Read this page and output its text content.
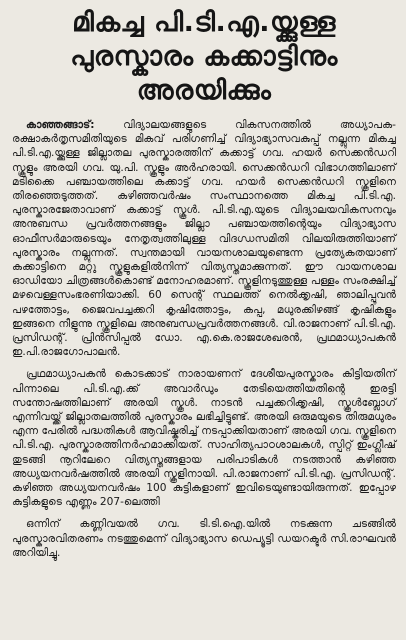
മികച്ച പി.ടി.എ.യ്ക്കുള്ള
പുരസ്കാരം കക്കാട്ടിനും
അരയിക്കും

കാഞ്ഞങ്ങാട്:	വിദ്യാലയങ്ങളുടെ വികസനത്തിൽ അധ്യാപക-രക്ഷാകർതൃസമിതിയുടെ മികവ് പരിഗണിച്ച് വിദ്യാഭ്യാസവകുപ്പ് നല്ലുന്ന മികച്ച പി.ടി.എ.യ്ക്കുള്ള ജില്ലാതല പുരസ്കാരത്തിന് കക്കാട്ട് ഗവ. ഹയർ സെക്കൻഡറി സ്കൂളും അരയി ഗവ. യു.പി. സ്കൂളും അർഹരായി. സെക്കൻഡറി വിഭാഗത്തിലാണ് മടിക്കൈ പഞ്ചായത്തിലെ കക്കാട്ട് ഗവ. ഹയർ സെക്കൻഡറി സ്കൂളിനെ തിരഞ്ഞെടുത്തത്. കഴിഞ്ഞവർഷം സംസ്ഥാനത്തെ മികച്ച പി.ടി.എ. പുരസ്കാരജേതാവാണ് കക്കാട്ട് സ്കൂൾ. പി.ടി.എ.യുടെ വിദ്യാലയവികസനവും അനുബന്ധ പ്രവർത്തനങ്ങളും ജില്ലാ പഞ്ചായത്തിന്റെയും വിദ്യാഭ്യാസ ഓഫീസർമാരുടെയും നേതൃത്വത്തിലുള്ള വിദഗ്ധസമിതി വിലയിരുത്തിയാണ് പുരസ്കാരം നല്ലുന്നത്. സ്വന്തമായി വായനശാലയുണ്ടെന്ന പ്രത്യേകതയാണ് കക്കാട്ടിനെ മറ്റു സ്കൂളുകളിൽനിന്ന് വിത്യസ്തമാക്കുന്നത്. ഈ വായനശാല ഓഡിയോ ചിത്രങ്ങൾകൊണ്ട് മനോഹരമാണ്. സ്കൂളിനടുത്തുള്ള പള്ളം സംരക്ഷിച്ച് മഴവെള്ളസംഭരണിയാക്കി. 60 സെന്റ് സ്ഥലത്ത് നെൽക്കൃഷി, ഞാലിപ്പൂവൻ പഴത്തോട്ടം, ജൈവപച്ചക്കറി കൃഷിത്തോട്ടം, കപ്പ, മധുരക്കിഴങ്ങ് കൃഷികളും ഇങ്ങനെ നീളുന്നു സ്കൂളിലെ അനുബന്ധപ്രവർത്തനങ്ങൾ. വി.രാജനാണ് പി.ടി.എ. പ്രസിഡന്റ്. പ്രിൻസിപ്പൽ ഡോ. എ.കെ.രാജശേഖരൻ, പ്രഥമാധ്യാപകൻ ഇ.പി.രാജഗോപാലൻ.

പ്രഥമാധ്യാപകൻ കൊടക്കാട് നാരായണന് ദേശീയപുരസ്കാരം കിട്ടിയതിന് പിന്നാലെ പി.ടി.എ.ക്ക് അവാർഡും തേടിയെത്തിയതിന്റെ ഇരട്ടി സന്തോഷത്തിലാണ് അരയി സ്കൂൾ. നാടൻ പച്ചക്കറിക്കൃഷി, സ്കൂൾബ്ലോഗ് എന്നിവയ്ക്ക് ജില്ലാതലത്തിൽ പുരസ്കാരം ലഭിച്ചിട്ടുണ്ട്. അരയി ഒരുമയുടെ തിരുമധുരം എന്ന പേരിൽ പദ്ധതികൾ ആവിഷ്കരിച്ച് നടപ്പാക്കിയതാണ് അരയി ഗവ. സ്കൂളിനെ പി.ടി.എ. പുരസ്കാരത്തിനർഹമാക്കിയത്. സാഹിത്യപാഠശാലകൾ, സ്പിറ്റ് ഇംഗ്ലീഷ് തുടങ്ങി നൂറിലേറെ വിത്യസ്തങ്ങളായ പരിപാടികൾ നടത്താൻ കഴിഞ്ഞ അധ്യയനവർഷത്തിൽ അരയി സ്കൂളിനായി. പി.രാജനാണ് പി.ടി.എ. പ്രസിഡന്റ്. കഴിഞ്ഞ അധ്യയനവർഷം 100 കുട്ടികളാണ് ഇവിടെയുണ്ടായിരുന്നത്. ഇപ്പോഴ കുട്ടികളുടെ എണ്ണം 207-ലെത്തി

ഒന്നിന് കണ്ണിവയൽ ഗവ. ടി.ടി.ഐ.യിൽ നടക്കുന്ന ചടങ്ങിൽ പുരസ്കാരവിതരണം നടത്തുമെന്ന് വിദ്യാഭ്യാസ ഡെപ്യൂട്ടി ഡയറക്ടർ സി.രാഘവൻ അറിയിച്ചു.
